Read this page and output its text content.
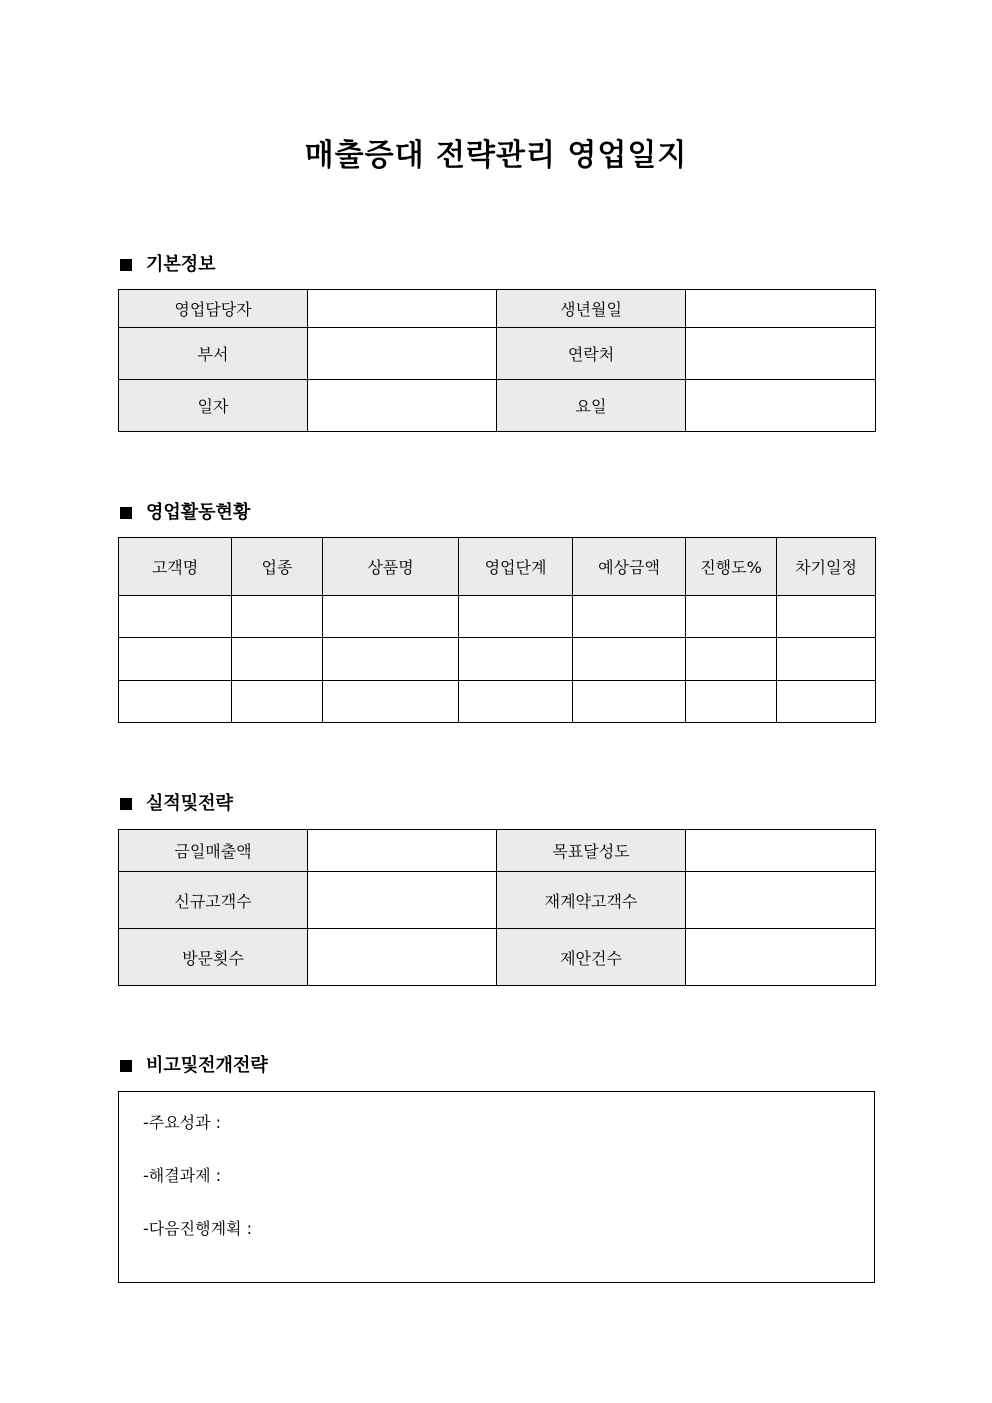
매출증대 전략관리 영업일지
기본정보
영업담당자		생년월일	
부서		연락처	
일자		요일	
영업활동현황
고객명	업종	상품명	영업단계	예상금액	진행도%	차기일정

실적및전략
금일매출액		목표달성도	
신규고객수		재계약고객수	
방문횟수		제안건수	
비고및전개전략
-주요성과 :
-해결과제 :
-다음진행계획 :
